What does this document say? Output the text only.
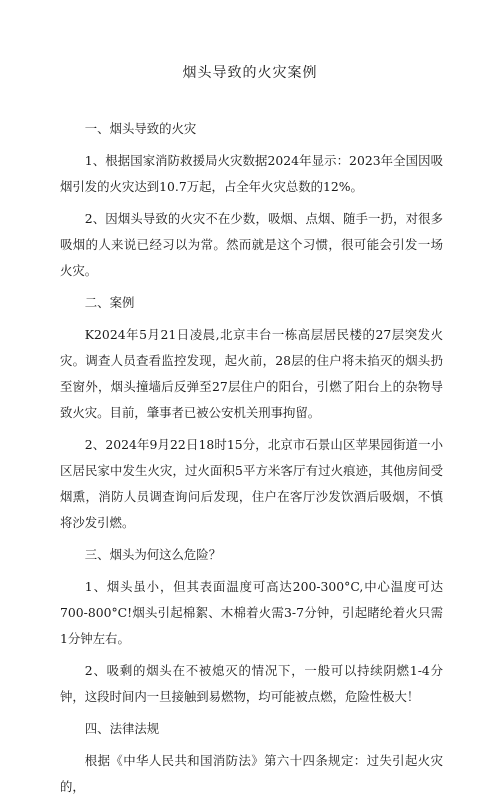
烟头导致的火灾案例

一、烟头导致的火灾

1、根据国家消防救援局火灾数据2024年显示：2023年全国因吸烟引发的火灾达到10.7万起，占全年火灾总数的12%。

2、因烟头导致的火灾不在少数，吸烟、点烟、随手一扔，对很多吸烟的人来说已经习以为常。然而就是这个习惯，很可能会引发一场火灾。

二、案例

K2024年5月21日凌晨,北京丰台一栋高层居民楼的27层突发火灾。调查人员查看监控发现，起火前，28层的住户将未掐灭的烟头扔至窗外，烟头撞墙后反弹至27层住户的阳台，引燃了阳台上的杂物导致火灾。目前，肇事者已被公安机关刑事拘留。

2、2024年9月22日18时15分，北京市石景山区苹果园街道一小区居民家中发生火灾，过火面积5平方米客厅有过火痕迹，其他房间受烟熏，消防人员调查询问后发现，住户在客厅沙发饮酒后吸烟，不慎将沙发引燃。

三、烟头为何这么危险？

1、烟头虽小，但其表面温度可高达200-300°C,中心温度可达700-800°C!烟头引起棉絮、木棉着火需3-7分钟，引起睹纶着火只需1分钟左右。

2、吸剩的烟头在不被熄灭的情况下，一般可以持续阴燃1-4分钟，这段时间内一旦接触到易燃物，均可能被点燃，危险性极大！

四、法律法规

根据《中华人民共和国消防法》第六十四条规定：过失引起火灾的，
